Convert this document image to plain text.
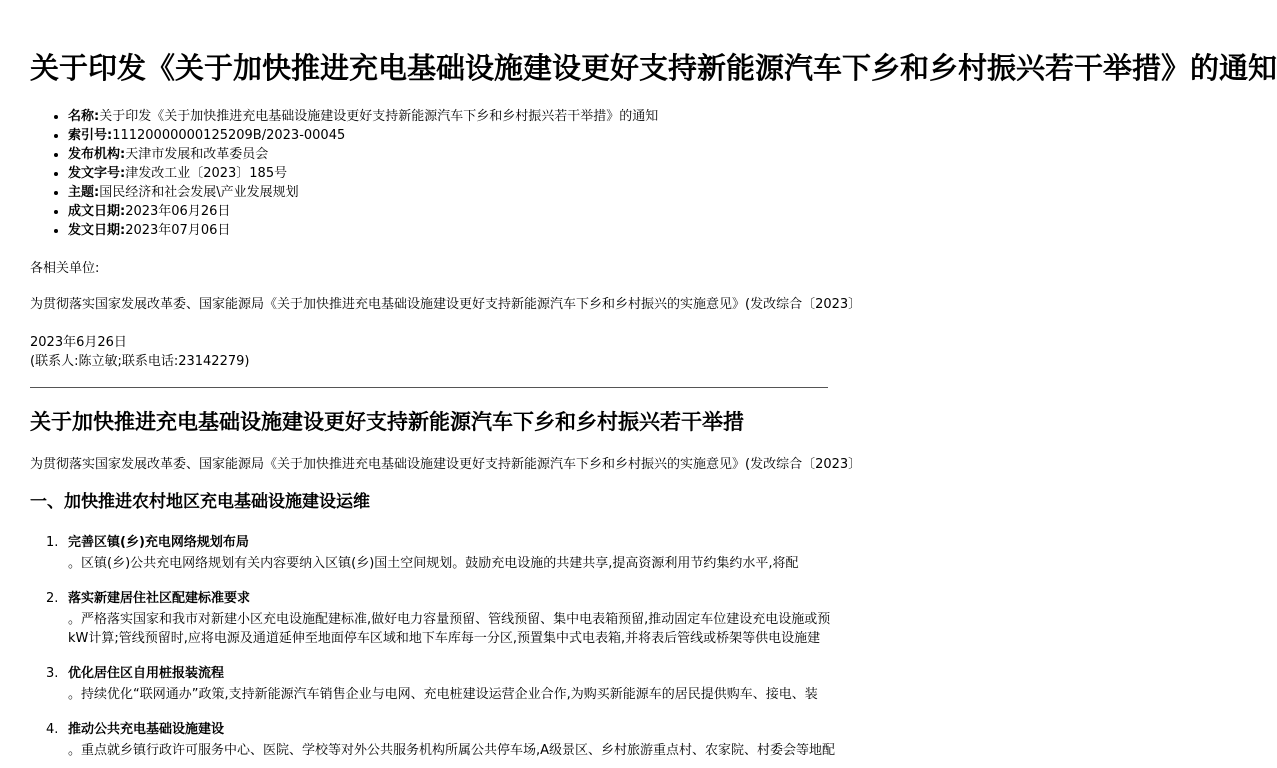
关于印发《关于加快推进充电基础设施建设更好支持新能源汽车下乡和乡村振兴若干举措》的通知
• 名称:关于印发《关于加快推进充电基础设施建设更好支持新能源汽车下乡和乡村振兴若干举措》的通知
• 索引号:11120000000125209B/2023-00045
• 发布机构:天津市发展和改革委员会
• 发文字号:津发改工业〔2023〕185号
• 主题:国民经济和社会发展\产业发展规划
• 成文日期:2023年06月26日
• 发文日期:2023年07月06日
各相关单位:
为贯彻落实国家发展改革委、国家能源局《关于加快推进充电基础设施建设更好支持新能源汽车下乡和乡村振兴的实施意见》(发改综合〔2023〕
2023年6月26日
(联系人:陈立敏;联系电话:23142279)
关于加快推进充电基础设施建设更好支持新能源汽车下乡和乡村振兴若干举措
为贯彻落实国家发展改革委、国家能源局《关于加快推进充电基础设施建设更好支持新能源汽车下乡和乡村振兴的实施意见》(发改综合〔2023〕
一、加快推进农村地区充电基础设施建设运维
1. 完善区镇(乡)充电网络规划布局
。区镇(乡)公共充电网络规划有关内容要纳入区镇(乡)国土空间规划。鼓励充电设施的共建共享,提高资源利用节约集约水平,将配
2. 落实新建居住社区配建标准要求
。严格落实国家和我市对新建小区充电设施配建标准,做好电力容量预留、管线预留、集中电表箱预留,推动固定车位建设充电设施或预
kW计算;管线预留时,应将电源及通道延伸至地面停车区域和地下车库每一分区,预置集中式电表箱,并将表后管线或桥架等供电设施建
3. 优化居住区自用桩报装流程
。持续优化“联网通办”政策,支持新能源汽车销售企业与电网、充电桩建设运营企业合作,为购买新能源车的居民提供购车、接电、装
4. 推动公共充电基础设施建设
。重点就乡镇行政许可服务中心、医院、学校等对外公共服务机构所属公共停车场,A级景区、乡村旅游重点村、农家院、村委会等地配
